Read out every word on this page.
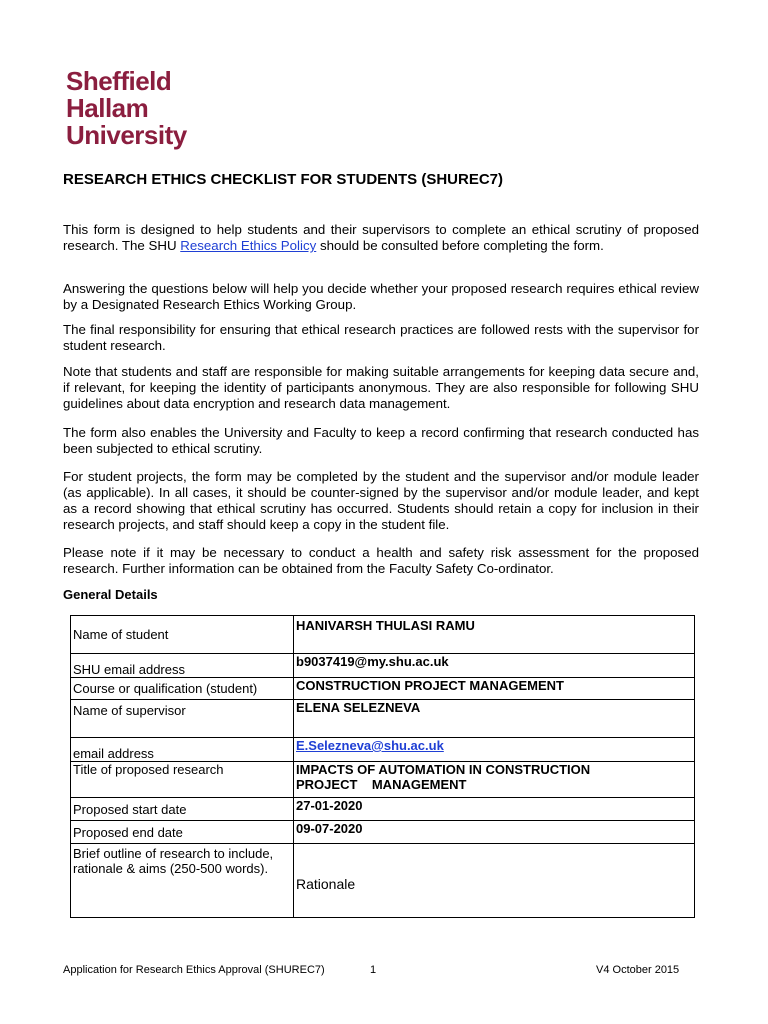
Sheffield
Hallam
University
RESEARCH ETHICS CHECKLIST FOR STUDENTS (SHUREC7)

This form is designed to help students and their supervisors to complete an ethical scrutiny of proposed research. The SHU Research Ethics Policy should be consulted before completing the form.

Answering the questions below will help you decide whether your proposed research requires ethical review by a Designated Research Ethics Working Group.

The final responsibility for ensuring that ethical research practices are followed rests with the supervisor for student research.

Note that students and staff are responsible for making suitable arrangements for keeping data secure and, if relevant, for keeping the identity of participants anonymous. They are also responsible for following SHU guidelines about data encryption and research data management.

The form also enables the University and Faculty to keep a record confirming that research conducted has been subjected to ethical scrutiny.

For student projects, the form may be completed by the student and the supervisor and/or module leader (as applicable). In all cases, it should be counter-signed by the supervisor and/or module leader, and kept as a record showing that ethical scrutiny has occurred. Students should retain a copy for inclusion in their research projects, and staff should keep a copy in the student file.

Please note if it may be necessary to conduct a health and safety risk assessment for the proposed research. Further information can be obtained from the Faculty Safety Co-ordinator.

General Details
Name of student	HANIVARSH THULASI RAMU
SHU email address	b9037419@my.shu.ac.uk
Course or qualification (student)	CONSTRUCTION PROJECT MANAGEMENT
Name of supervisor	ELENA SELEZNEVA
email address	E.Selezneva@shu.ac.uk
Title of proposed research	IMPACTS OF AUTOMATION IN CONSTRUCTION
PROJECT    MANAGEMENT

Proposed start date	27-01-2020
Proposed end date	09-07-2020
Brief outline of research to include, rationale & aims (250-500 words).	Rationale

Application for Research Ethics Approval (SHUREC7)	1	V4 October 2015
